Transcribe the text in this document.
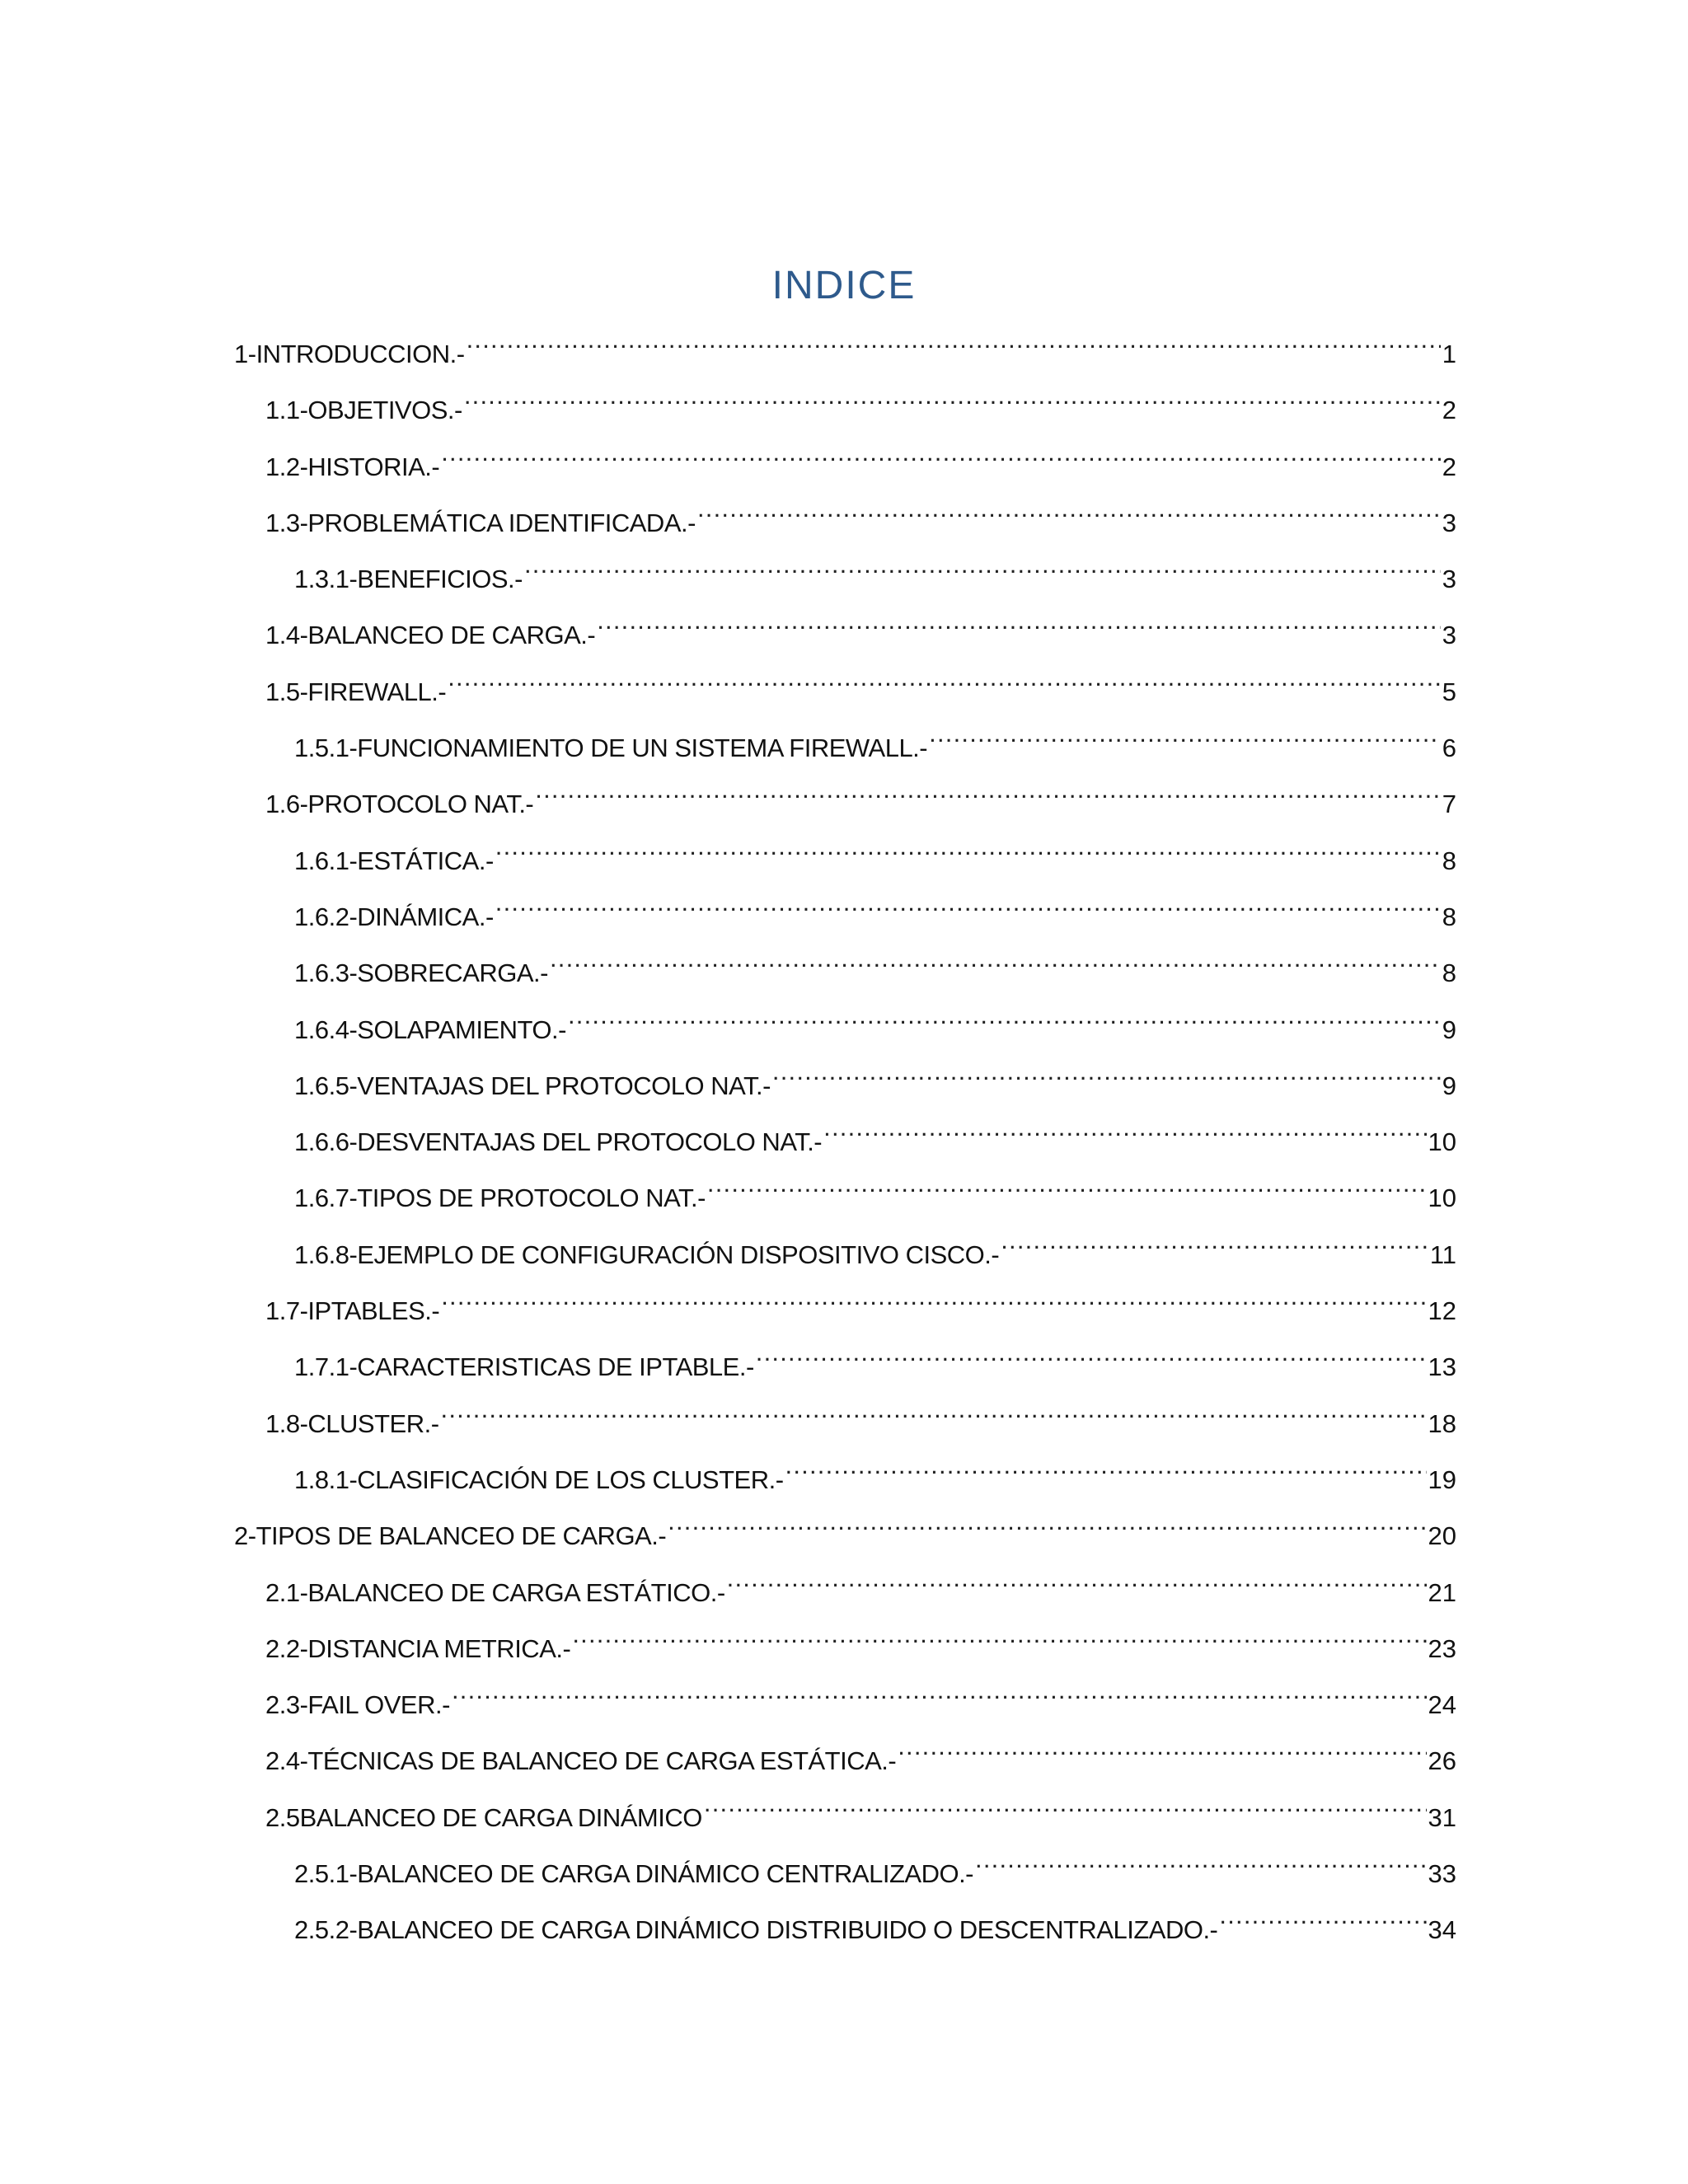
INDICE
1-INTRODUCCION.- .....	1
1.1-OBJETIVOS.- .....	2
1.2-HISTORIA.- .....	2
1.3-PROBLEMÁTICA IDENTIFICADA.- .....	3
1.3.1-BENEFICIOS.- .....	3
1.4-BALANCEO DE CARGA.- .....	3
1.5-FIREWALL.- .....	5
1.5.1-FUNCIONAMIENTO DE UN SISTEMA FIREWALL.- .....	6
1.6-PROTOCOLO NAT.- .....	7
1.6.1-ESTÁTICA.- .....	8
1.6.2-DINÁMICA.- .....	8
1.6.3-SOBRECARGA.- .....	8
1.6.4-SOLAPAMIENTO.- .....	9
1.6.5-VENTAJAS DEL PROTOCOLO NAT.- .....	9
1.6.6-DESVENTAJAS DEL PROTOCOLO NAT.- .....	10
1.6.7-TIPOS DE PROTOCOLO NAT.- .....	10
1.6.8-EJEMPLO DE CONFIGURACIÓN DISPOSITIVO CISCO.- .....	11
1.7-IPTABLES.- .....	12
1.7.1-CARACTERISTICAS DE IPTABLE.- .....	13
1.8-CLUSTER.- .....	18
1.8.1-CLASIFICACIÓN DE LOS CLUSTER.- .....	19
2-TIPOS DE BALANCEO DE CARGA.- .....	20
2.1-BALANCEO DE CARGA ESTÁTICO.- .....	21
2.2-DISTANCIA METRICA.- .....	23
2.3-FAIL OVER.- .....	24
2.4-TÉCNICAS DE BALANCEO DE CARGA ESTÁTICA.- .....	26
2.5BALANCEO DE CARGA DINÁMICO .....	31
2.5.1-BALANCEO DE CARGA DINÁMICO CENTRALIZADO.- .....	33
2.5.2-BALANCEO DE CARGA DINÁMICO DISTRIBUIDO O DESCENTRALIZADO.- .....	34
